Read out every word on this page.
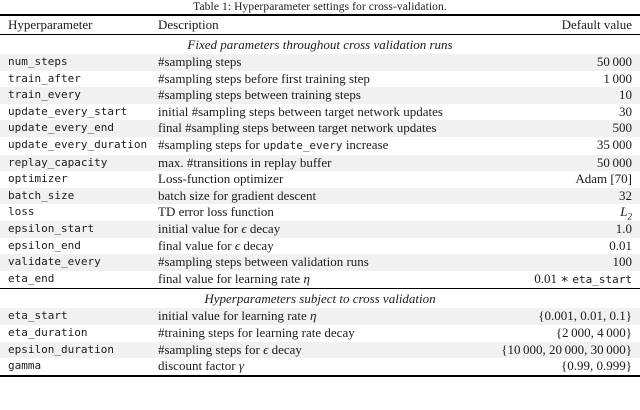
Table 1: Hyperparameter settings for cross-validation.
Hyperparameter	Description	Default value
Fixed parameters throughout cross validation runs		
num_steps	#sampling steps	50 000
train_after	#sampling steps before first training step	1 000
train_every	#sampling steps between training steps	10
update_every_start	initial #sampling steps between target network updates	30
update_every_end	final #sampling steps between target network updates	500
update_every_duration	#sampling steps for update_every increase	35 000
replay_capacity	max. #transitions in replay buffer	50 000
optimizer	Loss-function optimizer	Adam [70]
batch_size	batch size for gradient descent	32
loss	TD error loss function	$L_2$
epsilon_start	initial value for ϵ decay	1.0
epsilon_end	final value for ϵ decay	0.01
validate_every	#sampling steps between validation runs	100
eta_end	final value for learning rate η	0.01 ∗ eta_start
Hyperparameters subject to cross validation		
eta_start	initial value for learning rate η	{0.001, 0.01, 0.1}
eta_duration	#training steps for learning rate decay	{2 000, 4 000}
epsilon_duration	#sampling steps for ϵ decay	{10 000, 20 000, 30 000}
gamma	discount factor γ	{0.99, 0.999}
